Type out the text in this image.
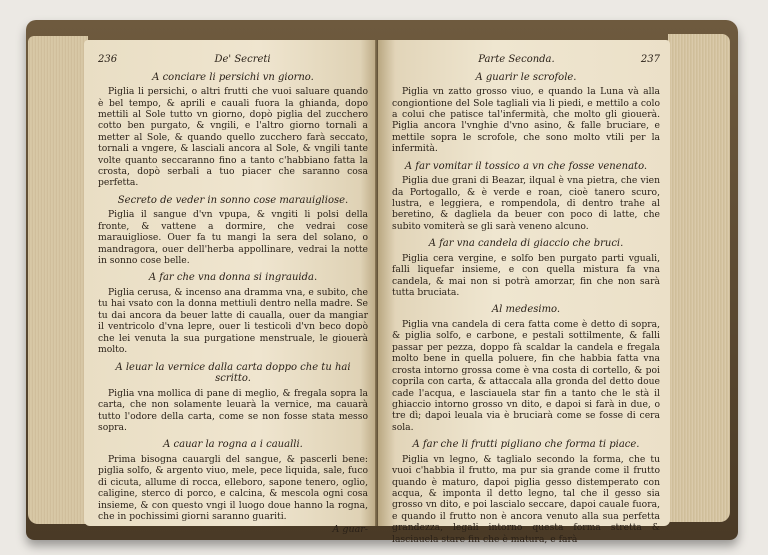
236	De' Secreti
A conciare li persichi vn giorno.

Piglia li persichi, o altri frutti che vuoi saluare quando è bel tempo, & aprili e cauali fuora la ghianda, dopo mettili al Sole tutto vn giorno, dopò piglia del zucchero cotto ben purgato, & vngili, e l'altro giorno tornali a metter al Sole, & quando quello zucchero farà seccato, tornali a vngere, & lasciali ancora al Sole, & vngili tante volte quanto seccaranno fino a tanto c'habbiano fatta la crosta, dopò serbali a tuo piacer che saranno cosa perfetta.

Secreto de veder in sonno cose marauigliose.

Piglia il sangue d'vn vpupa, & vngiti li polsi della fronte, & vattene a dormire, che vedrai cose marauigliose. Ouer fa tu mangi la sera del solano, o mandragora, ouer dell'herba appollinare, vedrai la notte in sonno cose belle.

A far che vna donna si ingrauida.

Piglia cerusa, & incenso ana dramma vna, e subito, che tu hai vsato con la donna mettiuli dentro nella madre. Se tu dai ancora da beuer latte di caualla, ouer da mangiar il ventricolo d'vna lepre, ouer li testicoli d'vn beco dopò che lei venuta la sua purgatione menstruale, le giouerà molto.

A leuar la vernice dalla carta doppo che tu hai scritto.

Piglia vna mollica di pane di meglio, & fregala sopra la carta, che non solamente leuarà la vernice, ma cauarà tutto l'odore della carta, come se non fosse stata messo sopra.

A cauar la rogna a i caualli.

Prima bisogna cauargli del sangue, & pascerli bene: piglia solfo, & argento viuo, mele, pece liquida, sale, fuco di cicuta, allume di rocca, elleboro, sapone tenero, oglio, caligine, sterco di porco, e calcina, & mescola ogni cosa insieme, & con questo vngi il luogo doue hanno la rogna, che in pochissimi giorni saranno guariti.

A guar-
Parte Seconda.	237
A guarir le scrofole.

Piglia vn zatto grosso viuo, e quando la Luna và alla congiontione del Sole tagliali via li piedi, e mettilo a colo a colui che patisce tal'infermità, che molto gli giouerà. Piglia ancora l'vnghie d'vno asino, & falle bruciare, e mettile sopra le scrofole, che sono molto vtili per la infermità.

A far vomitar il tossico a vn che fosse venenato.

Piglia due grani di Beazar, ilqual è vna pietra, che vien da Portogallo, & è verde e roan, cioè tanero scuro, lustra, e leggiera, e rompendola, di dentro trahe al beretino, & dagliela da beuer con poco di latte, che subito vomiterà se gli sarà veneno alcuno.

A far vna candela di giaccio che bruci.

Piglia cera vergine, e solfo ben purgato parti vguali, falli liquefar insieme, e con quella mistura fa vna candela, & mai non si potrà amorzar, fin che non sarà tutta bruciata.

Al medesimo.

Piglia vna candela di cera fatta come è detto di sopra, & piglia solfo, e carbone, e pestali sottilmente, & falli passar per pezza, doppo fà scaldar la candela e fregala molto bene in quella poluere, fin che habbia fatta vna crosta intorno grossa come è vna costa di cortello, & poi coprila con carta, & attaccala alla gronda del detto doue cade l'acqua, e lasciauela star fin a tanto che le stà il ghiaccio intorno grosso vn dito, e dapoi si farà in due, o tre dì; dapoi leuala via è bruciarà come se fosse di cera sola.

A far che li frutti pigliano che forma ti piace.

Piglia vn legno, & taglialo secondo la forma, che tu vuoi c'habbia il frutto, ma pur sia grande come il frutto quando è maturo, dapoi piglia gesso distemperato con acqua, & imponta il detto legno, tal che il gesso sia grosso vn dito, e poi lascialo seccare, dapoi cauale fuora, e quando il frutto non è ancora venuto alla sua perfetta grandezza, legali intorno questa forma stretta & lasciauela stare fin che è matura, e farà
